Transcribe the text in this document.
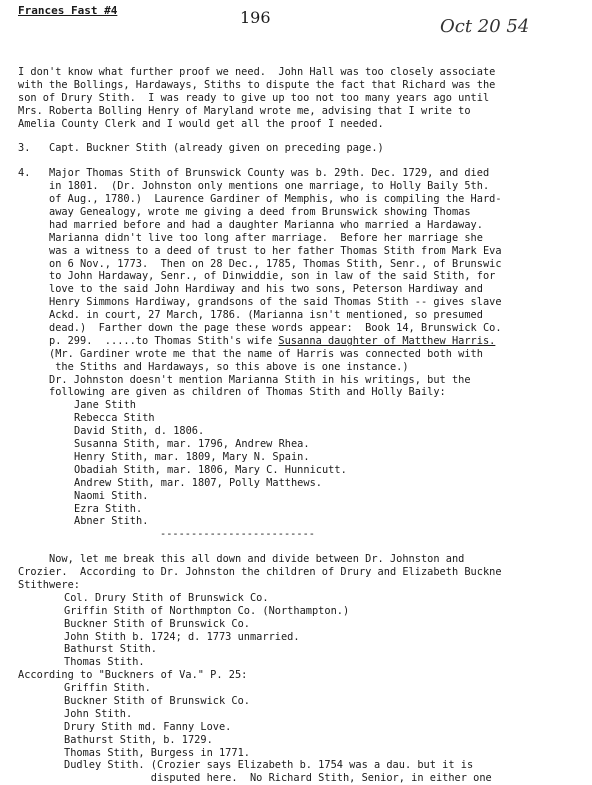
Frances Fast #4	196	Oct 20 54
I don't know what further proof we need.  John Hall was too closely associate
with the Bollings, Hardaways, Stiths to dispute the fact that Richard was the
son of Drury Stith.  I was ready to give up too not too many years ago until
Mrs. Roberta Bolling Henry of Maryland wrote me, advising that I write to
Amelia County Clerk and I would get all the proof I needed.
3.   Capt. Buckner Stith (already given on preceding page.)
4.   Major Thomas Stith of Brunswick County was b. 29th. Dec. 1729, and died
in 1801.  (Dr. Johnston only mentions one marriage, to Holly Baily 5th.
of Aug., 1780.)  Laurence Gardiner of Memphis, who is compiling the Hard-
away Genealogy, wrote me giving a deed from Brunswick showing Thomas
had married before and had a daughter Marianna who married a Hardaway.
Marianna didn't live too long after marriage.  Before her marriage she
was a witness to a deed of trust to her father Thomas Stith from Mark Eva
on 6 Nov., 1773.  Then on 28 Dec., 1785, Thomas Stith, Senr., of Brunswic
to John Hardaway, Senr., of Dinwiddie, son in law of the said Stith, for
love to the said John Hardiway and his two sons, Peterson Hardiway and
Henry Simmons Hardiway, grandsons of the said Thomas Stith -- gives slave
Ackd. in court, 27 March, 1786. (Marianna isn't mentioned, so presumed
dead.)  Farther down the page these words appear:  Book 14, Brunswick Co.
p. 299.  .....to Thomas Stith's wife Susanna daughter of Matthew Harris.
(Mr. Gardiner wrote me that the name of Harris was connected both with
the Stiths and Hardaways, so this above is one instance.)
Dr. Johnston doesn't mention Marianna Stith in his writings, but the
following are given as children of Thomas Stith and Holly Baily:
Jane Stith
Rebecca Stith
David Stith, d. 1806.
Susanna Stith, mar. 1796, Andrew Rhea.
Henry Stith, mar. 1809, Mary N. Spain.
Obadiah Stith, mar. 1806, Mary C. Hunnicutt.
Andrew Stith, mar. 1807, Polly Matthews.
Naomi Stith.
Ezra Stith.
Abner Stith.
-------------------------
Now, let me break this all down and divide between Dr. Johnston and
Crozier.  According to Dr. Johnston the children of Drury and Elizabeth Buckne
Stithwere:
Col. Drury Stith of Brunswick Co.
Griffin Stith of Northmpton Co. (Northampton.)
Buckner Stith of Brunswick Co.
John Stith b. 1724; d. 1773 unmarried.
Bathurst Stith.
Thomas Stith.
According to "Buckners of Va." P. 25:
Griffin Stith.
Buckner Stith of Brunswick Co.
John Stith.
Drury Stith md. Fanny Love.
Bathurst Stith, b. 1729.
Thomas Stith, Burgess in 1771.
Dudley Stith. (Crozier says Elizabeth b. 1754 was a dau. but it is
disputed here.  No Richard Stith, Senior, in either one
